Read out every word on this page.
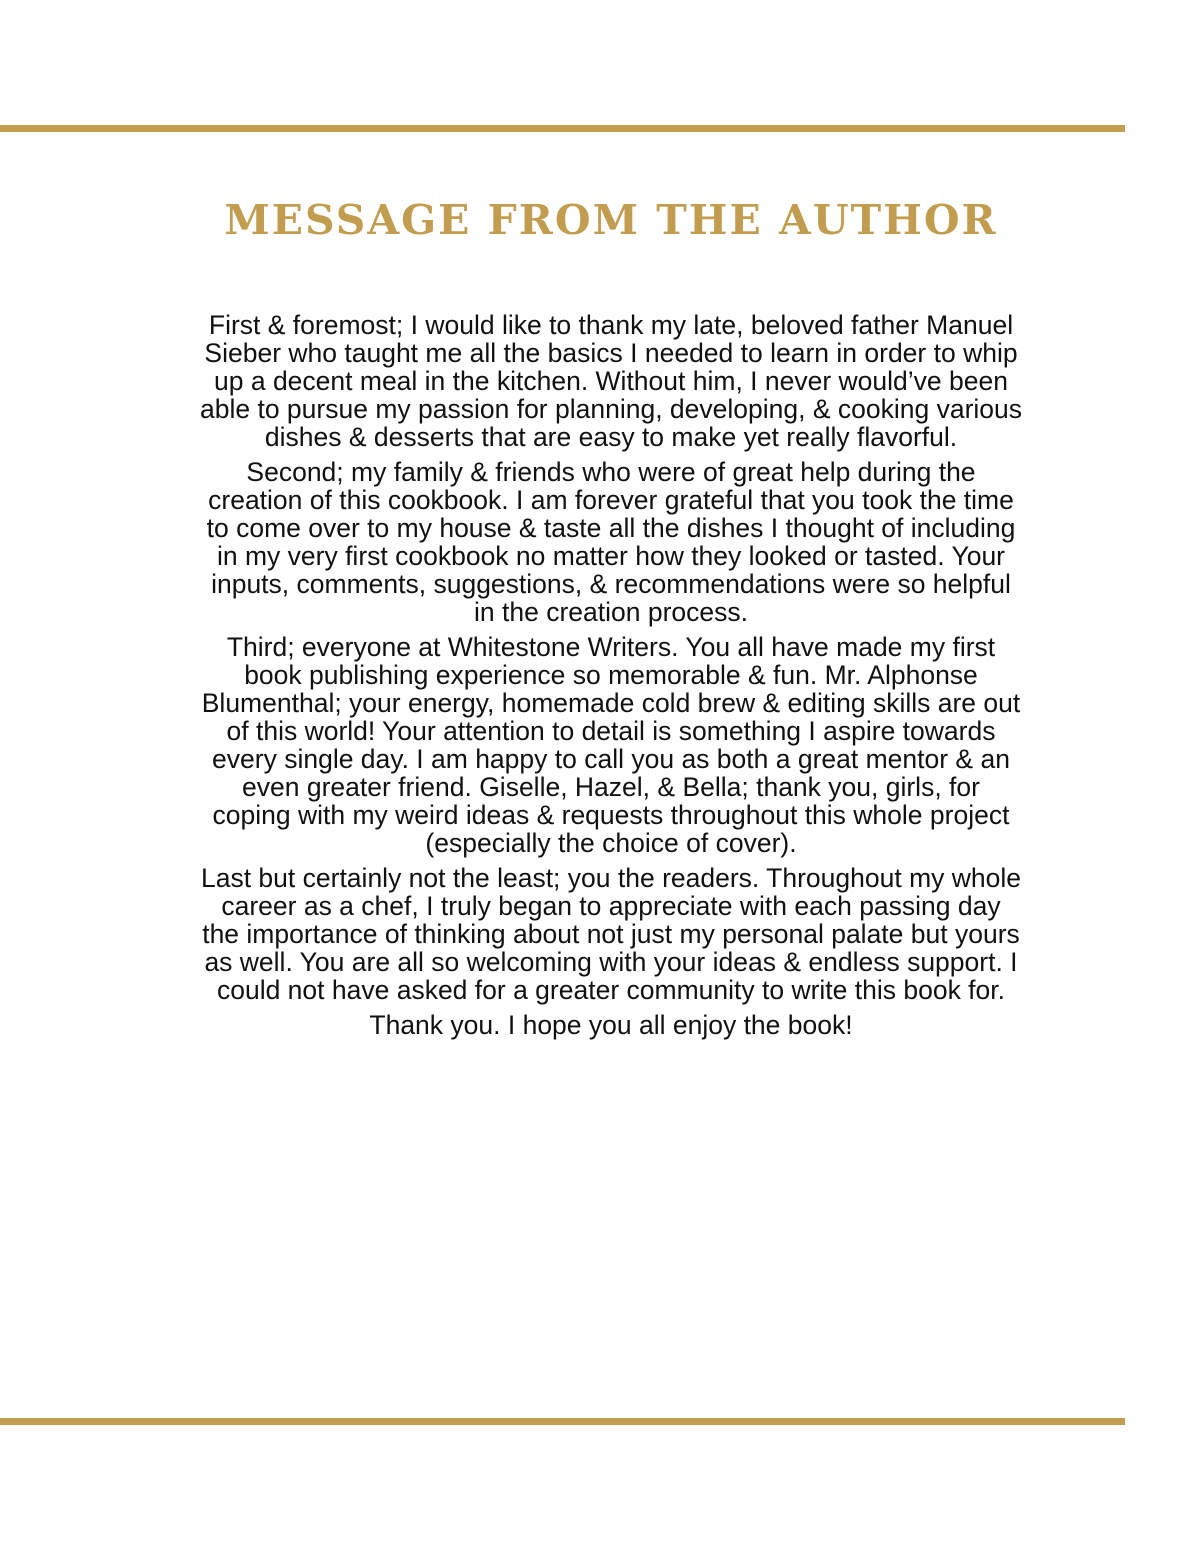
MESSAGE FROM THE AUTHOR

First & foremost; I would like to thank my late, beloved father Manuel Sieber who taught me all the basics I needed to learn in order to whip up a decent meal in the kitchen. Without him, I never would’ve been able to pursue my passion for planning, developing, & cooking various dishes & desserts that are easy to make yet really flavorful.

Second; my family & friends who were of great help during the creation of this cookbook. I am forever grateful that you took the time to come over to my house & taste all the dishes I thought of including in my very first cookbook no matter how they looked or tasted. Your inputs, comments, suggestions, & recommendations were so helpful in the creation process.

Third; everyone at Whitestone Writers. You all have made my first book publishing experience so memorable & fun. Mr. Alphonse Blumenthal; your energy, homemade cold brew & editing skills are out of this world! Your attention to detail is something I aspire towards every single day. I am happy to call you as both a great mentor & an even greater friend. Giselle, Hazel, & Bella; thank you, girls, for coping with my weird ideas & requests throughout this whole project (especially the choice of cover).

Last but certainly not the least; you the readers. Throughout my whole career as a chef, I truly began to appreciate with each passing day the importance of thinking about not just my personal palate but yours as well. You are all so welcoming with your ideas & endless support. I could not have asked for a greater community to write this book for.

Thank you. I hope you all enjoy the book!
